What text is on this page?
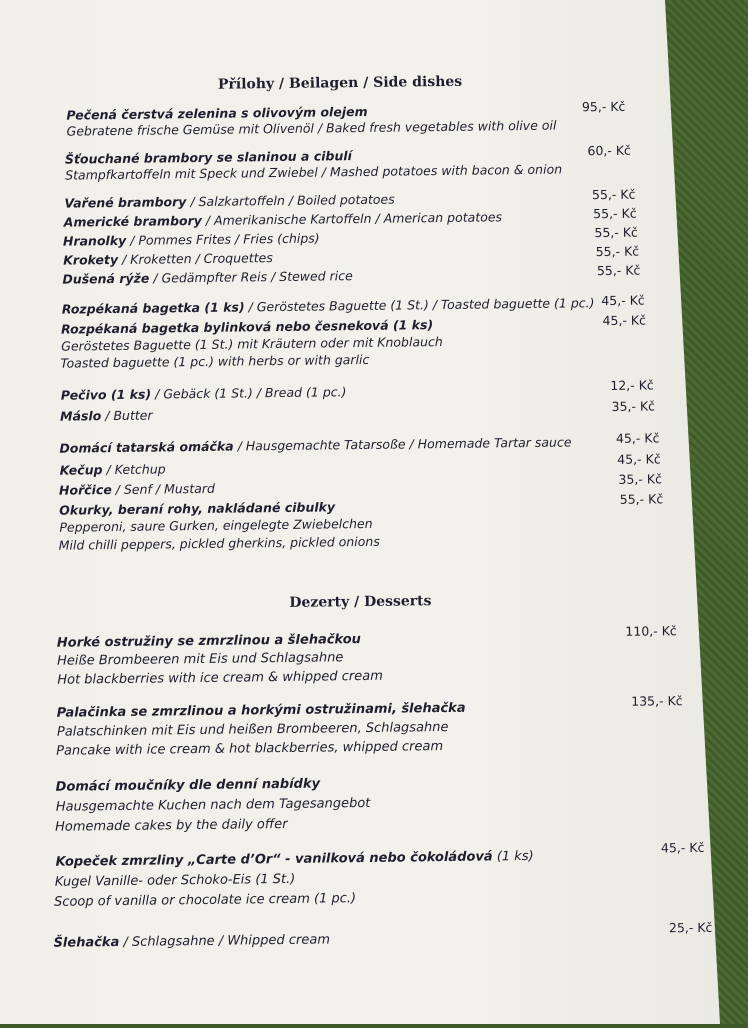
Přílohy / Beilagen / Side dishes
Pečená čerstvá zelenina s olivovým olejem
Gebratene frische Gemüse mit Olivenöl / Baked fresh vegetables with olive oil
95,- Kč
Šťouchané brambory se slaninou a cibulí
Stampfkartoffeln mit Speck und Zwiebel / Mashed potatoes with bacon & onion
60,- Kč
Vařené brambory / Salzkartoffeln / Boiled potatoes	55,- Kč
Americké brambory / Amerikanische Kartoffeln / American potatoes	55,- Kč
Hranolky / Pommes Frites / Fries (chips)	55,- Kč
Krokety / Kroketten / Croquettes	55,- Kč
Dušená rýže / Gedämpfter Reis / Stewed rice	55,- Kč
Rozpékaná bagetka (1 ks) / Geröstetes Baguette (1 St.) / Toasted baguette (1 pc.) 45,- Kč
Rozpékaná bagetka bylinková nebo česneková (1 ks)
Geröstetes Baguette (1 St.) mit Kräutern oder mit Knoblauch
Toasted baguette (1 pc.) with herbs or with garlic
45,- Kč
Pečivo (1 ks) / Gebäck (1 St.) / Bread (1 pc.)	12,- Kč
Máslo / Butter
35,- Kč
Domácí tatarská omáčka / Hausgemachte Tatarsoße / Homemade Tartar sauce	45,- Kč
Kečup / Ketchup
45,- Kč
Hořčice / Senf / Mustard
35,- Kč
Okurky, beraní rohy, nakládané cibulky
Pepperoni, saure Gurken, eingelegte Zwiebelchen
Mild chilli peppers, pickled gherkins, pickled onions
55,- Kč
Dezerty / Desserts
Horké ostružiny se zmrzlinou a šlehačkou
Heiße Brombeeren mit Eis und Schlagsahne
Hot blackberries with ice cream & whipped cream
110,- Kč
Palačinka se zmrzlinou a horkými ostružinami, šlehačka
Palatschinken mit Eis und heißen Brombeeren, Schlagsahne
Pancake with ice cream & hot blackberries, whipped cream
135,- Kč
Domácí moučníky dle denní nabídky
Hausgemachte Kuchen nach dem Tagesangebot
Homemade cakes by the daily offer
Kopeček zmrzliny „Carte d’Or“ - vanilková nebo čokoládová (1 ks)
Kugel Vanille- oder Schoko-Eis (1 St.)
Scoop of vanilla or chocolate ice cream (1 pc.)
45,- Kč
Šlehačka / Schlagsahne / Whipped cream
25,- Kč
